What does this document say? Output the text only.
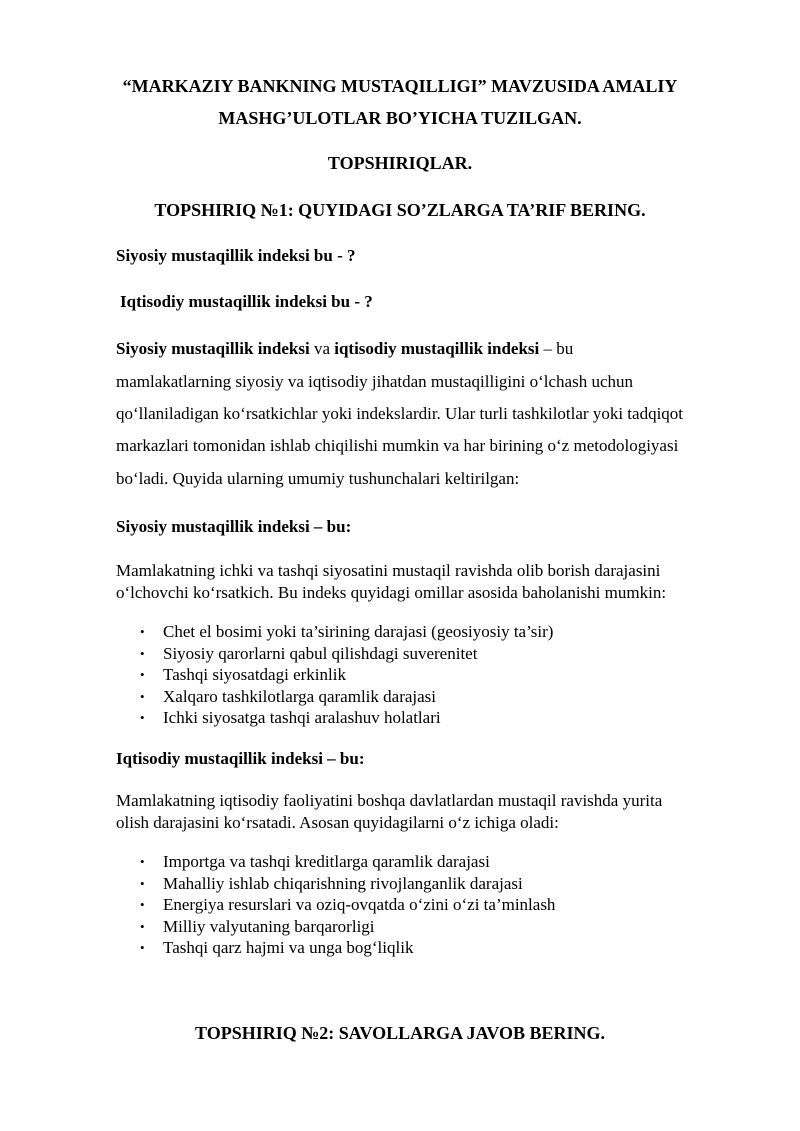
“MARKAZIY BANKNING MUSTAQILLIGI” MAVZUSIDA AMALIY

MASHG’ULOTLAR BO’YICHA TUZILGAN.

TOPSHIRIQLAR.

TOPSHIRIQ №1: QUYIDAGI SO’ZLARGA TA’RIF BERING.

Siyosiy mustaqillik indeksi bu - ?

Iqtisodiy mustaqillik indeksi bu - ?

Siyosiy mustaqillik indeksi va iqtisodiy mustaqillik indeksi – bu

mamlakatlarning siyosiy va iqtisodiy jihatdan mustaqilligini o‘lchash uchun

qo‘llaniladigan ko‘rsatkichlar yoki indekslardir. Ular turli tashkilotlar yoki tadqiqot

markazlari tomonidan ishlab chiqilishi mumkin va har birining o‘z metodologiyasi

bo‘ladi. Quyida ularning umumiy tushunchalari keltirilgan:

Siyosiy mustaqillik indeksi – bu:

Mamlakatning ichki va tashqi siyosatini mustaqil ravishda olib borish darajasini

o‘lchovchi ko‘rsatkich. Bu indeks quyidagi omillar asosida baholanishi mumkin:

• Chet el bosimi yoki ta’sirining darajasi (geosiyosiy ta’sir)
• Siyosiy qarorlarni qabul qilishdagi suverenitet
• Tashqi siyosatdagi erkinlik
• Xalqaro tashkilotlarga qaramlik darajasi
• Ichki siyosatga tashqi aralashuv holatlari

Iqtisodiy mustaqillik indeksi – bu:

Mamlakatning iqtisodiy faoliyatini boshqa davlatlardan mustaqil ravishda yurita

olish darajasini ko‘rsatadi. Asosan quyidagilarni o‘z ichiga oladi:

• Importga va tashqi kreditlarga qaramlik darajasi
• Mahalliy ishlab chiqarishning rivojlanganlik darajasi
• Energiya resurslari va oziq-ovqatda o‘zini o‘zi ta’minlash
• Milliy valyutaning barqarorligi
• Tashqi qarz hajmi va unga bog‘liqlik

TOPSHIRIQ №2: SAVOLLARGA JAVOB BERING.
